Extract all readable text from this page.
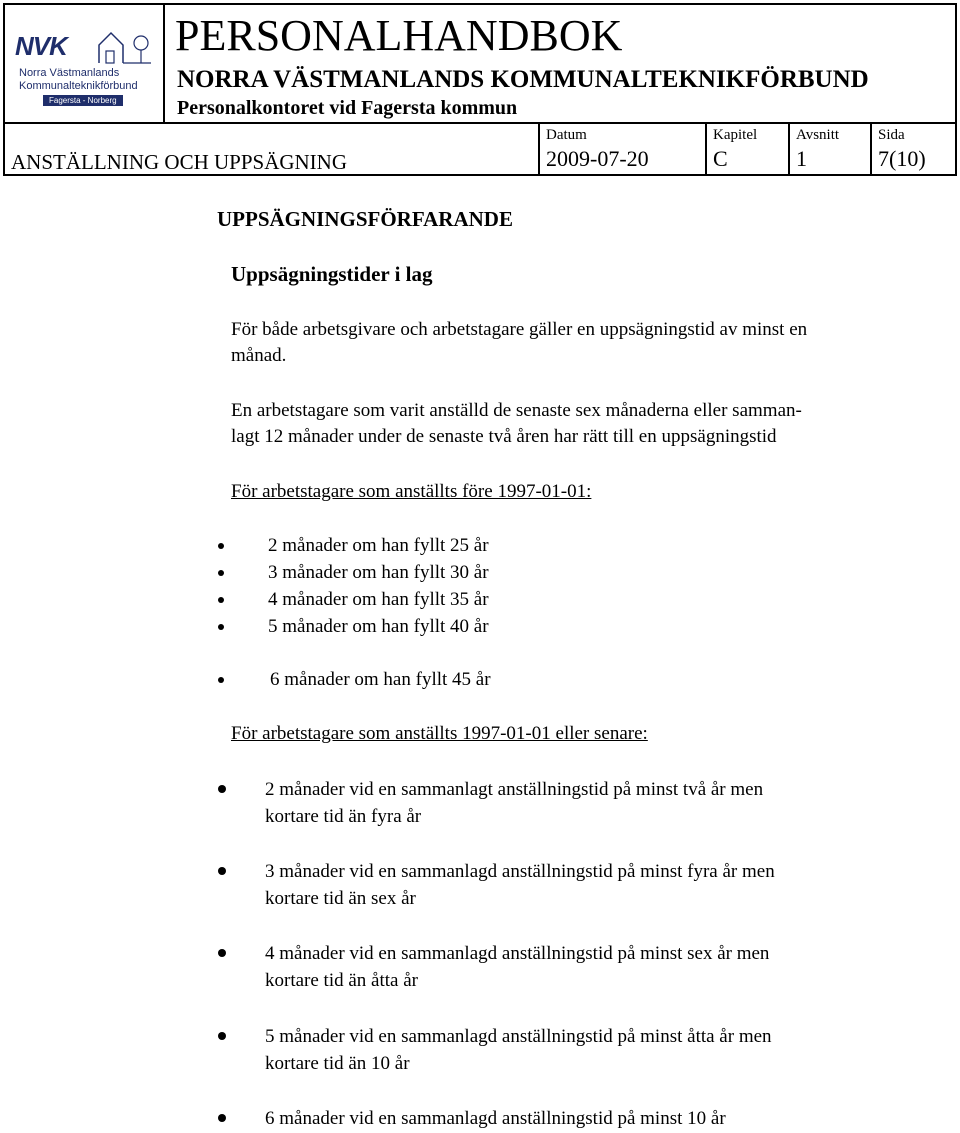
NVK
Norra Västmanlands
Kommunalteknikförbund
Fagersta - Norberg
PERSONALHANDBOK
NORRA VÄSTMANLANDS KOMMUNALTEKNIKFÖRBUND
Personalkontoret vid Fagersta kommun
ANSTÄLLNING OCH UPPSÄGNING
Datum
2009-07-20
Kapitel
C
Avsnitt
1
Sida
7(10)
UPPSÄGNINGSFÖRFARANDE
Uppsägningstider i lag
För både arbetsgivare och arbetstagare gäller en uppsägningstid av minst en
månad.
En arbetstagare som varit anställd de senaste sex månaderna eller samman-
lagt 12 månader under de senaste två åren har rätt till en uppsägningstid
För arbetstagare som anställts före 1997-01-01:
2 månader om han fyllt 25 år
3 månader om han fyllt 30 år
4 månader om han fyllt 35 år
5 månader om han fyllt 40 år
6 månader om han fyllt 45 år
För arbetstagare som anställts 1997-01-01 eller senare:
2 månader vid en sammanlagt anställningstid på minst två år men
kortare tid än fyra år
3 månader vid en sammanlagd anställningstid på minst fyra år men
kortare tid än sex år
4 månader vid en sammanlagd anställningstid på minst sex år men
kortare tid än åtta år
5 månader vid en sammanlagd anställningstid på minst åtta år men
kortare tid än 10 år
6 månader vid en sammanlagd anställningstid på minst 10 år
